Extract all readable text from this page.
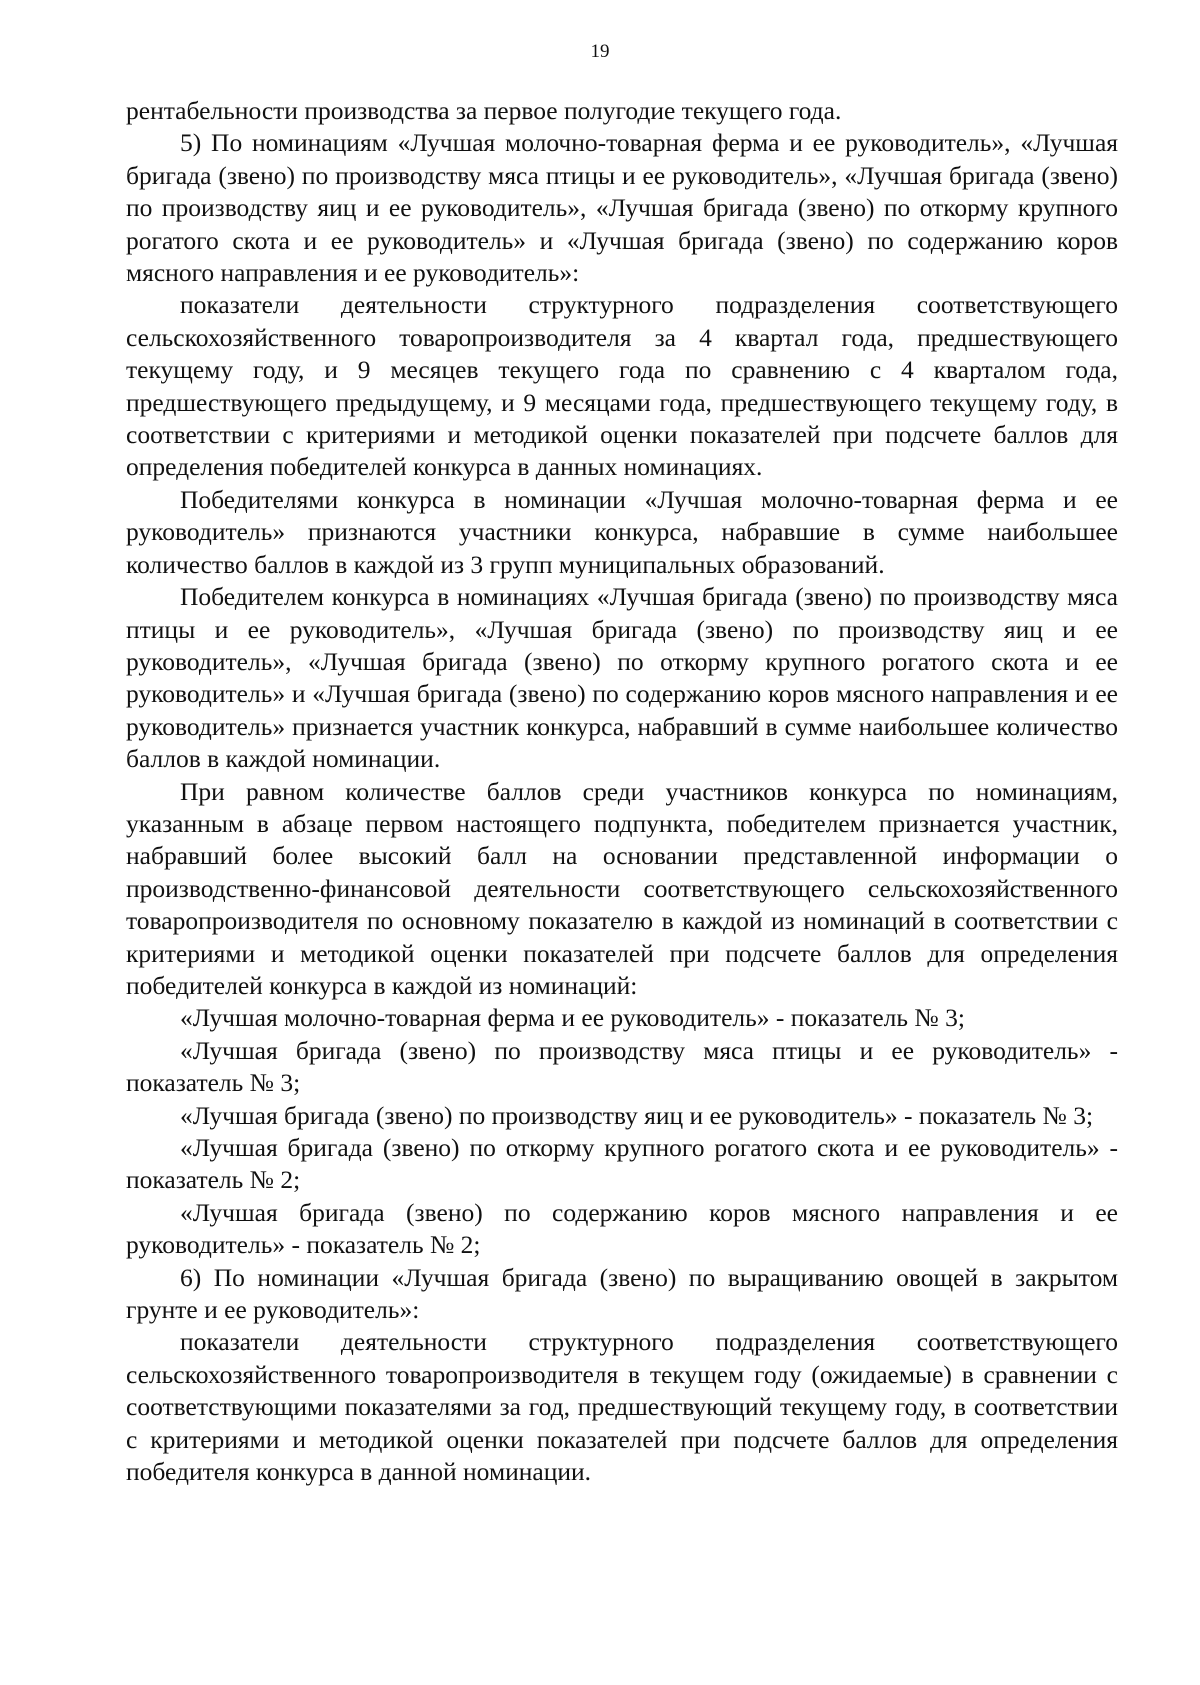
19

рентабельности производства за первое полугодие текущего года.

5) По номинациям «Лучшая молочно-товарная ферма и ее руководитель», «Лучшая бригада (звено) по производству мяса птицы и ее руководитель», «Лучшая бригада (звено) по производству яиц и ее руководитель», «Лучшая бригада (звено) по откорму крупного рогатого скота и ее руководитель» и «Лучшая бригада (звено) по содержанию коров мясного направления и ее руководитель»:

показатели деятельности структурного подразделения соответствующего сельскохозяйственного товаропроизводителя за 4 квартал года, предшествующего текущему году, и 9 месяцев текущего года по сравнению с 4 кварталом года, предшествующего предыдущему, и 9 месяцами года, предшествующего текущему году, в соответствии с критериями и методикой оценки показателей при подсчете баллов для определения победителей конкурса в данных номинациях.

Победителями конкурса в номинации «Лучшая молочно-товарная ферма и ее руководитель» признаются участники конкурса, набравшие в сумме наибольшее количество баллов в каждой из 3 групп муниципальных образований.

Победителем конкурса в номинациях «Лучшая бригада (звено) по производству мяса птицы и ее руководитель», «Лучшая бригада (звено) по производству яиц и ее руководитель», «Лучшая бригада (звено) по откорму крупного рогатого скота и ее руководитель» и «Лучшая бригада (звено) по содержанию коров мясного направления и ее руководитель» признается участник конкурса, набравший в сумме наибольшее количество баллов в каждой номинации.

При равном количестве баллов среди участников конкурса по номинациям, указанным в абзаце первом настоящего подпункта, победителем признается участник, набравший более высокий балл на основании представленной информации о производственно-финансовой деятельности соответствующего сельскохозяйственного товаропроизводителя по основному показателю в каждой из номинаций в соответствии с критериями и методикой оценки показателей при подсчете баллов для определения победителей конкурса в каждой из номинаций:

«Лучшая молочно-товарная ферма и ее руководитель» - показатель № 3;

«Лучшая бригада (звено) по производству мяса птицы и ее руководитель» - показатель № 3;

«Лучшая бригада (звено) по производству яиц и ее руководитель» - показатель № 3;

«Лучшая бригада (звено) по откорму крупного рогатого скота и ее руководитель» - показатель № 2;

«Лучшая бригада (звено) по содержанию коров мясного направления и ее руководитель» - показатель № 2;

6) По номинации «Лучшая бригада (звено) по выращиванию овощей в закрытом грунте и ее руководитель»:

показатели деятельности структурного подразделения соответствующего сельскохозяйственного товаропроизводителя в текущем году (ожидаемые) в сравнении с соответствующими показателями за год, предшествующий текущему году, в соответствии с критериями и методикой оценки показателей при подсчете баллов для определения победителя конкурса в данной номинации.
